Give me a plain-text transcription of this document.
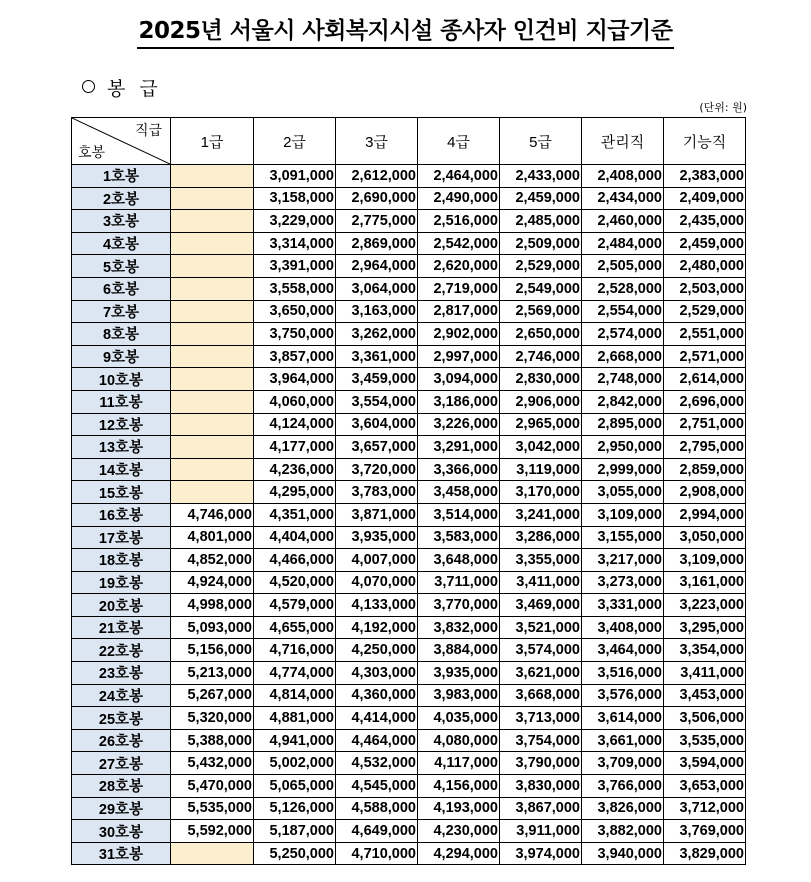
2025년 서울시 사회복지시설 종사자 인건비 지급기준
봉 급
(단위: 원)
직급
호봉	1급	2급	3급	4급	5급	관리직	기능직
1호봉		3,091,000	2,612,000	2,464,000	2,433,000	2,408,000	2,383,000
2호봉		3,158,000	2,690,000	2,490,000	2,459,000	2,434,000	2,409,000
3호봉		3,229,000	2,775,000	2,516,000	2,485,000	2,460,000	2,435,000
4호봉		3,314,000	2,869,000	2,542,000	2,509,000	2,484,000	2,459,000
5호봉		3,391,000	2,964,000	2,620,000	2,529,000	2,505,000	2,480,000
6호봉		3,558,000	3,064,000	2,719,000	2,549,000	2,528,000	2,503,000
7호봉		3,650,000	3,163,000	2,817,000	2,569,000	2,554,000	2,529,000
8호봉		3,750,000	3,262,000	2,902,000	2,650,000	2,574,000	2,551,000
9호봉		3,857,000	3,361,000	2,997,000	2,746,000	2,668,000	2,571,000
10호봉		3,964,000	3,459,000	3,094,000	2,830,000	2,748,000	2,614,000
11호봉		4,060,000	3,554,000	3,186,000	2,906,000	2,842,000	2,696,000
12호봉		4,124,000	3,604,000	3,226,000	2,965,000	2,895,000	2,751,000
13호봉		4,177,000	3,657,000	3,291,000	3,042,000	2,950,000	2,795,000
14호봉		4,236,000	3,720,000	3,366,000	3,119,000	2,999,000	2,859,000
15호봉		4,295,000	3,783,000	3,458,000	3,170,000	3,055,000	2,908,000
16호봉	4,746,000	4,351,000	3,871,000	3,514,000	3,241,000	3,109,000	2,994,000
17호봉	4,801,000	4,404,000	3,935,000	3,583,000	3,286,000	3,155,000	3,050,000
18호봉	4,852,000	4,466,000	4,007,000	3,648,000	3,355,000	3,217,000	3,109,000
19호봉	4,924,000	4,520,000	4,070,000	3,711,000	3,411,000	3,273,000	3,161,000
20호봉	4,998,000	4,579,000	4,133,000	3,770,000	3,469,000	3,331,000	3,223,000
21호봉	5,093,000	4,655,000	4,192,000	3,832,000	3,521,000	3,408,000	3,295,000
22호봉	5,156,000	4,716,000	4,250,000	3,884,000	3,574,000	3,464,000	3,354,000
23호봉	5,213,000	4,774,000	4,303,000	3,935,000	3,621,000	3,516,000	3,411,000
24호봉	5,267,000	4,814,000	4,360,000	3,983,000	3,668,000	3,576,000	3,453,000
25호봉	5,320,000	4,881,000	4,414,000	4,035,000	3,713,000	3,614,000	3,506,000
26호봉	5,388,000	4,941,000	4,464,000	4,080,000	3,754,000	3,661,000	3,535,000
27호봉	5,432,000	5,002,000	4,532,000	4,117,000	3,790,000	3,709,000	3,594,000
28호봉	5,470,000	5,065,000	4,545,000	4,156,000	3,830,000	3,766,000	3,653,000
29호봉	5,535,000	5,126,000	4,588,000	4,193,000	3,867,000	3,826,000	3,712,000
30호봉	5,592,000	5,187,000	4,649,000	4,230,000	3,911,000	3,882,000	3,769,000
31호봉		5,250,000	4,710,000	4,294,000	3,974,000	3,940,000	3,829,000
